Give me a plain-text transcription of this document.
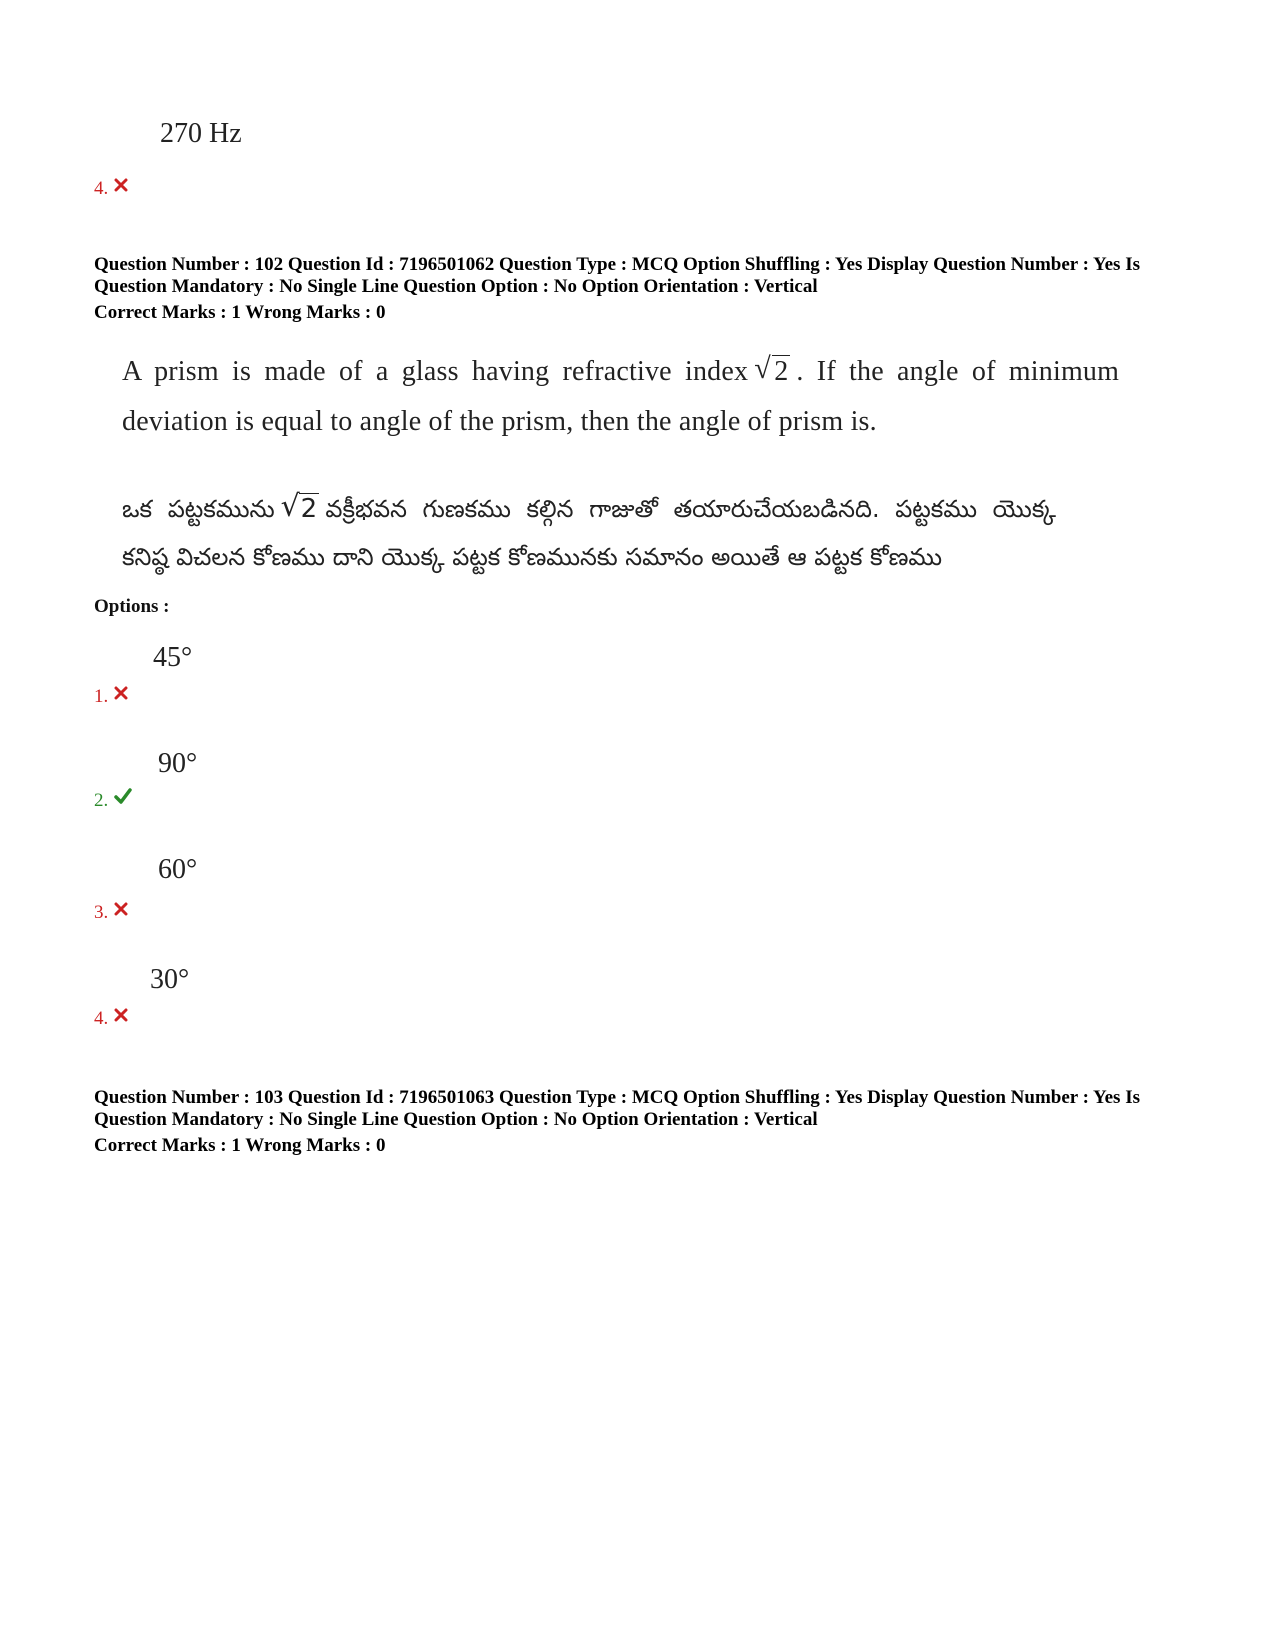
270 Hz
4.
Question Number : 102 Question Id : 7196501062 Question Type : MCQ Option Shuffling : Yes Display Question Number : Yes Is
Question Mandatory : No Single Line Question Option : No Option Orientation : Vertical
Correct Marks : 1 Wrong Marks : 0
A prism is made of a glass having refractive index √ 2 . If the angle of minimum
deviation is equal to angle of the prism, then the angle of prism is.
ఒక పట్టకమును √ 2 వక్రీభవన గుణకము కల్గిన గాజుతో తయారుచేయబడినది. పట్టకము యొక్క
కనిష్ఠ విచలన కోణము దాని యొక్క పట్టక కోణమునకు సమానం అయితే ఆ పట్టక కోణము
Options :
45°
1.
90°
2.
60°
3.
30°
4.
Question Number : 103 Question Id : 7196501063 Question Type : MCQ Option Shuffling : Yes Display Question Number : Yes Is
Question Mandatory : No Single Line Question Option : No Option Orientation : Vertical
Correct Marks : 1 Wrong Marks : 0
